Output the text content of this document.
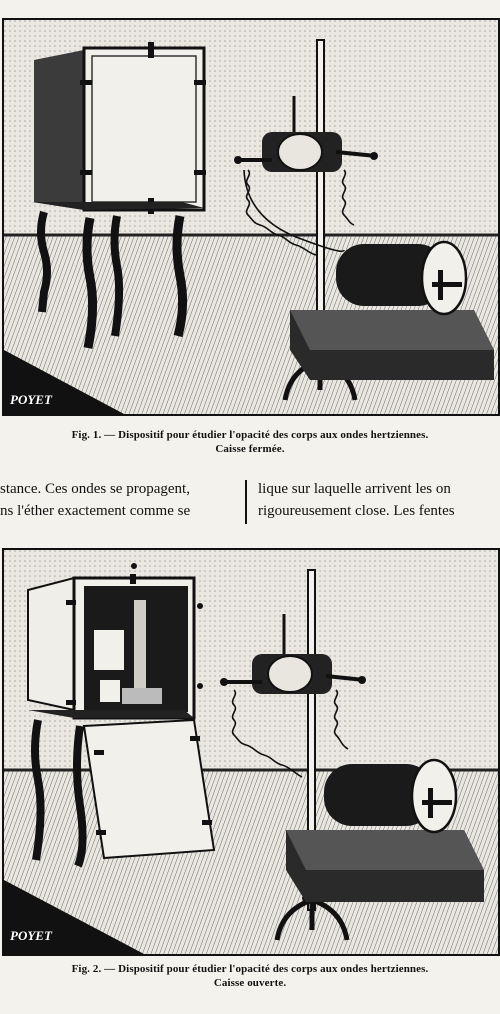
POYET
Fig. 1. — Dispositif pour étudier l'opacité des corps aux ondes hertziennes.
Caisse fermée.
stance. Ces ondes se propagent,
ns l'éther exactement comme se
lique sur laquelle arrivent les on
rigoureusement close. Les fentes
POYET
Fig. 2. — Dispositif pour étudier l'opacité des corps aux ondes hertziennes.
Caisse ouverte.
